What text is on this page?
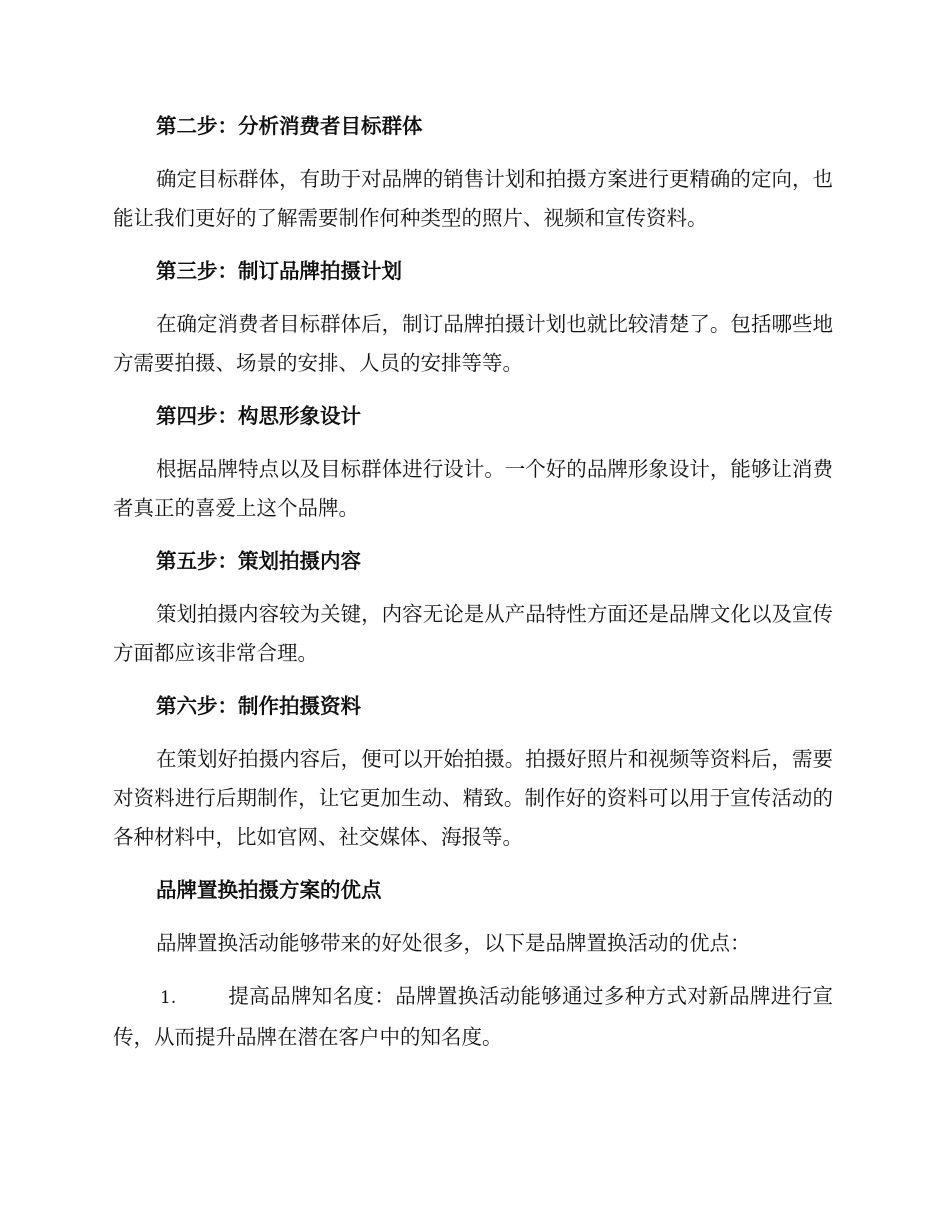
第二步：分析消费者目标群体
确定目标群体，有助于对品牌的销售计划和拍摄方案进行更精确的定向，也能让我们更好的了解需要制作何种类型的照片、视频和宣传资料。
第三步：制订品牌拍摄计划
在确定消费者目标群体后，制订品牌拍摄计划也就比较清楚了。包括哪些地方需要拍摄、场景的安排、人员的安排等等。
第四步：构思形象设计
根据品牌特点以及目标群体进行设计。一个好的品牌形象设计，能够让消费者真正的喜爱上这个品牌。
第五步：策划拍摄内容
策划拍摄内容较为关键，内容无论是从产品特性方面还是品牌文化以及宣传方面都应该非常合理。
第六步：制作拍摄资料
在策划好拍摄内容后，便可以开始拍摄。拍摄好照片和视频等资料后，需要对资料进行后期制作，让它更加生动、精致。制作好的资料可以用于宣传活动的各种材料中，比如官网、社交媒体、海报等。
品牌置换拍摄方案的优点
品牌置换活动能够带来的好处很多，以下是品牌置换活动的优点：
1.	提高品牌知名度：品牌置换活动能够通过多种方式对新品牌进行宣传，从而提升品牌在潜在客户中的知名度。
